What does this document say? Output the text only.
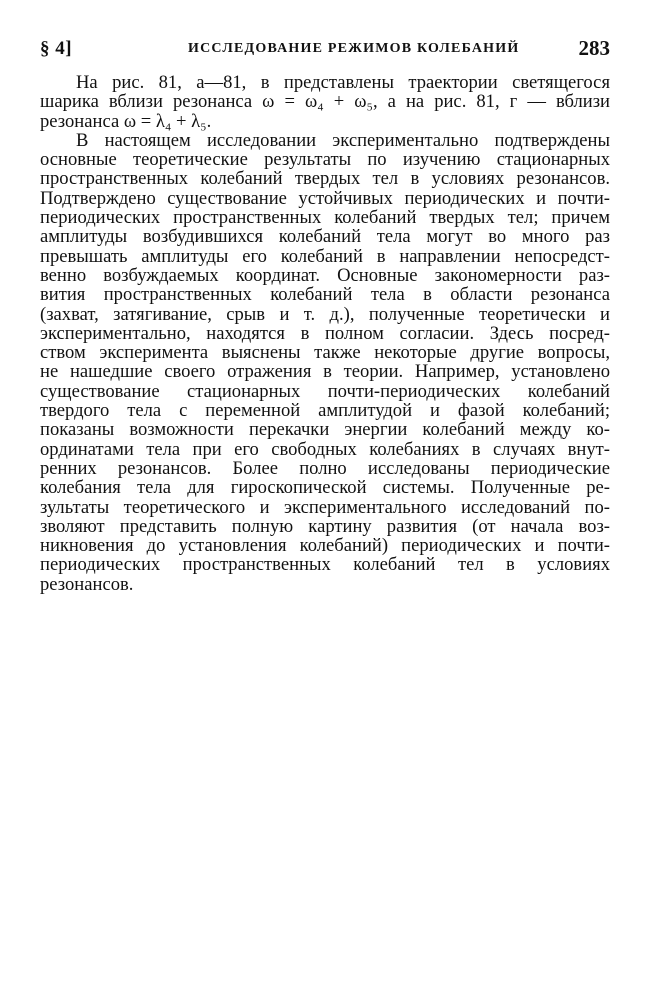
§ 4]	ИССЛЕДОВАНИЕ РЕЖИМОВ КОЛЕБАНИЙ	283
На рис. 81, а—81, в представлены траектории светящегося
шарика вблизи резонанса ω = ω₄ + ω₅, а на рис. 81, г — вблизи
резонанса ω = λ₄ + λ₅.
В настоящем исследовании экспериментально подтверждены
основные теоретические результаты по изучению стационарных
пространственных колебаний твердых тел в условиях резонансов.
Подтверждено существование устойчивых периодических и почти-
периодических пространственных колебаний твердых тел; причем
амплитуды возбудившихся колебаний тела могут во много раз
превышать амплитуды его колебаний в направлении непосредст-
венно возбуждаемых координат. Основные закономерности раз-
вития пространственных колебаний тела в области резонанса
(захват, затягивание, срыв и т. д.), полученные теоретически и
экспериментально, находятся в полном согласии. Здесь посред-
ством эксперимента выяснены также некоторые другие вопросы,
не нашедшие своего отражения в теории. Например, установлено
существование стационарных почти-периодических колебаний
твердого тела с переменной амплитудой и фазой колебаний;
показаны возможности перекачки энергии колебаний между ко-
ординатами тела при его свободных колебаниях в случаях внут-
ренних резонансов. Более полно исследованы периодические
колебания тела для гироскопической системы. Полученные ре-
зультаты теоретического и экспериментального исследований по-
зволяют представить полную картину развития (от начала воз-
никновения до установления колебаний) периодических и почти-
периодических пространственных колебаний тел в условиях
резонансов.
